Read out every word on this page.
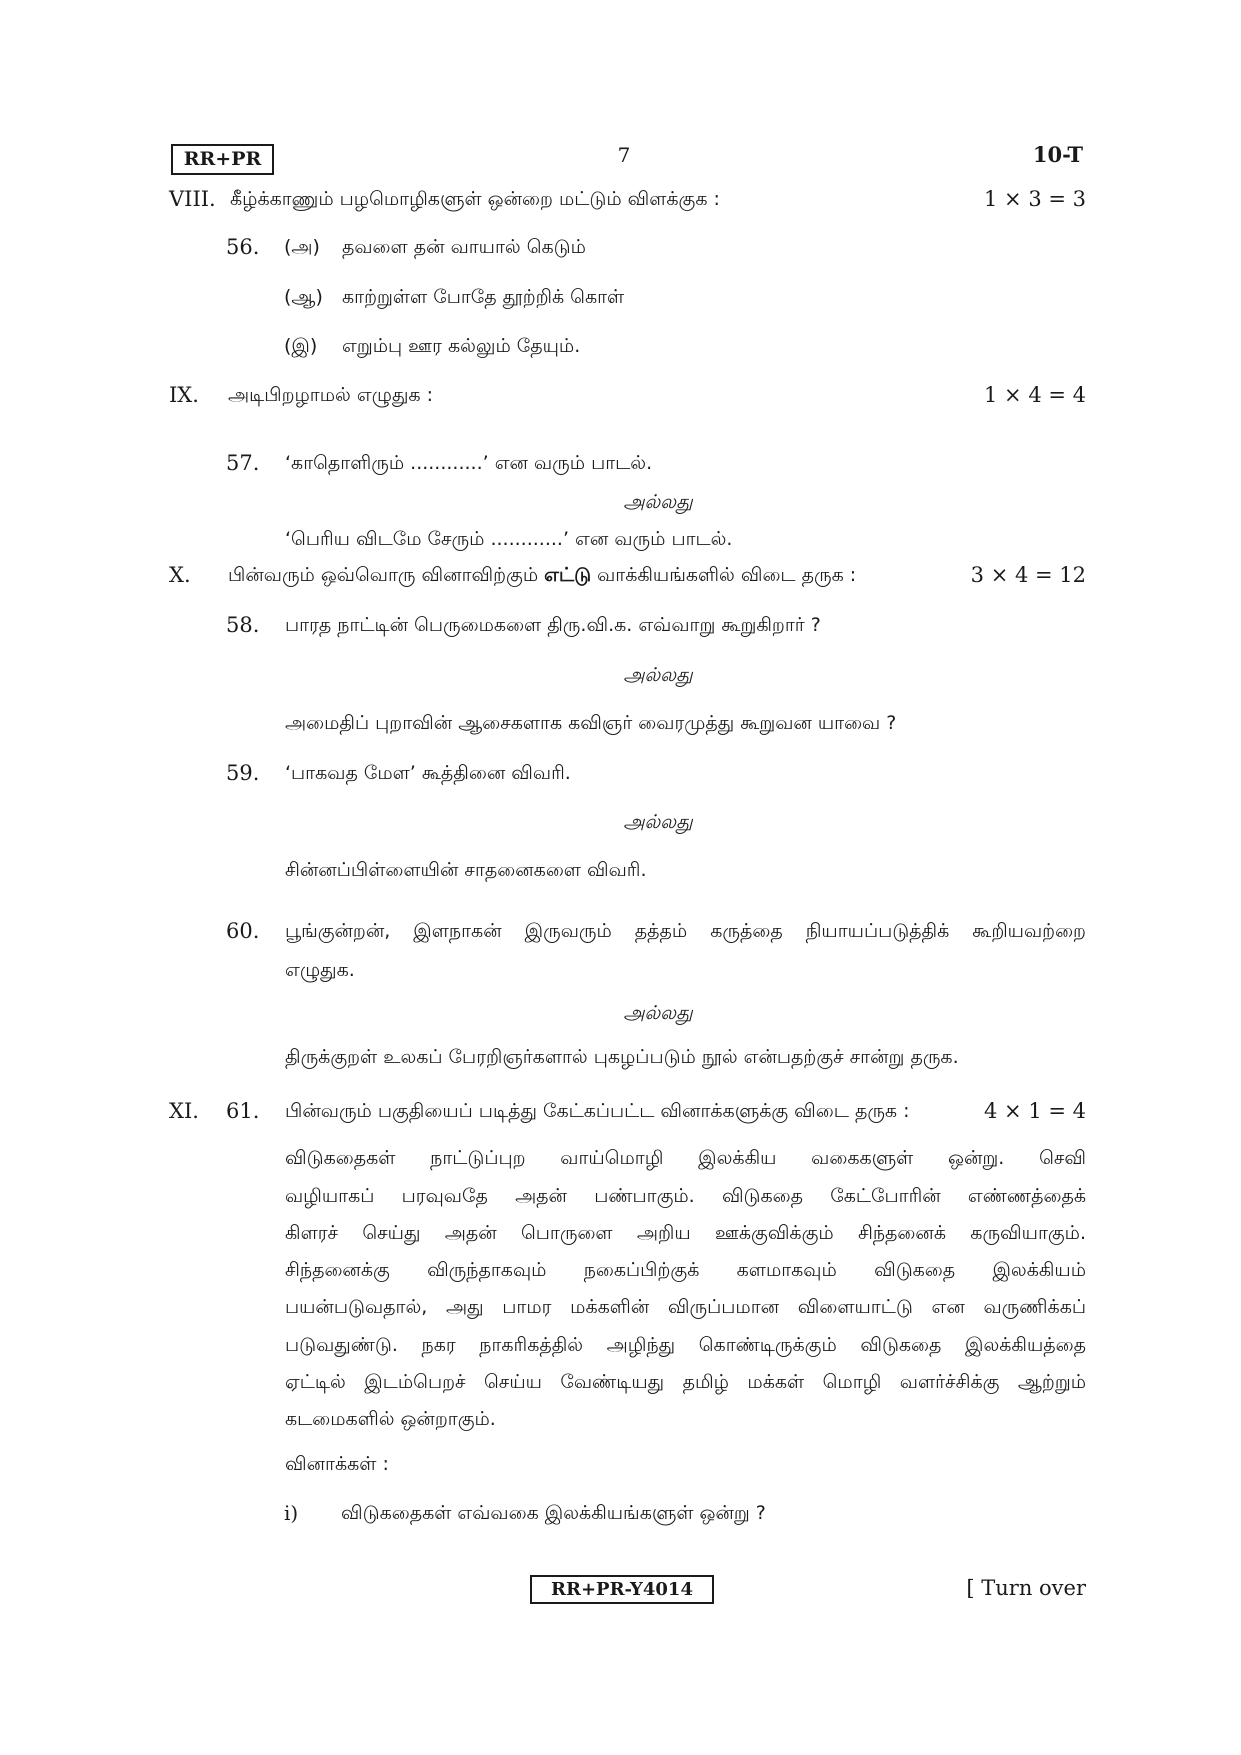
RR+PR	7	10-T
VIII. கீழ்க்காணும் பழமொழிகளுள் ஒன்றை மட்டும் விளக்குக :	1 × 3 = 3
56. (அ) தவளை தன் வாயால் கெடும்
(ஆ) காற்றுள்ள போதே தூற்றிக் கொள்
(இ) எறும்பு ஊர கல்லும் தேயும்.
IX. அடிபிறழாமல் எழுதுக :	1 × 4 = 4
57. ‘காதொளிரும் ............’ என வரும் பாடல்.
அல்லது
‘பெரிய விடமே சேரும் ............’ என வரும் பாடல்.
X. பின்வரும் ஒவ்வொரு வினாவிற்கும் எட்டு வாக்கியங்களில் விடை தருக :	3 × 4 = 12
58. பாரத நாட்டின் பெருமைகளை திரு.வி.க. எவ்வாறு கூறுகிறார் ?
அல்லது
அமைதிப் புறாவின் ஆசைகளாக கவிஞர் வைரமுத்து கூறுவன யாவை ?
59. ‘பாகவத மேள’ கூத்தினை விவரி.
அல்லது
சின்னப்பிள்ளையின் சாதனைகளை விவரி.
60. பூங்குன்றன், இளநாகன் இருவரும் தத்தம் கருத்தை நியாயப்படுத்திக் கூறியவற்றை
எழுதுக.
அல்லது
திருக்குறள் உலகப் பேரறிஞர்களால் புகழப்படும் நூல் என்பதற்குச் சான்று தருக.
XI. 61. பின்வரும் பகுதியைப் படித்து கேட்கப்பட்ட வினாக்களுக்கு விடை தருக :	4 × 1 = 4
விடுகதைகள் நாட்டுப்புற வாய்மொழி இலக்கிய வகைகளுள் ஒன்று. செவி
வழியாகப் பரவுவதே அதன் பண்பாகும். விடுகதை கேட்போரின் எண்ணத்தைக்
கிளரச் செய்து அதன் பொருளை அறிய ஊக்குவிக்கும் சிந்தனைக் கருவியாகும்.
சிந்தனைக்கு விருந்தாகவும் நகைப்பிற்குக் களமாகவும் விடுகதை இலக்கியம்
பயன்படுவதால், அது பாமர மக்களின் விருப்பமான விளையாட்டு என வருணிக்கப்
படுவதுண்டு. நகர நாகரிகத்தில் அழிந்து கொண்டிருக்கும் விடுகதை இலக்கியத்தை
ஏட்டில் இடம்பெறச் செய்ய வேண்டியது தமிழ் மக்கள் மொழி வளர்ச்சிக்கு ஆற்றும்
கடமைகளில் ஒன்றாகும்.
வினாக்கள் :
i) விடுகதைகள் எவ்வகை இலக்கியங்களுள் ஒன்று ?
RR+PR-Y4014	[ Turn over
